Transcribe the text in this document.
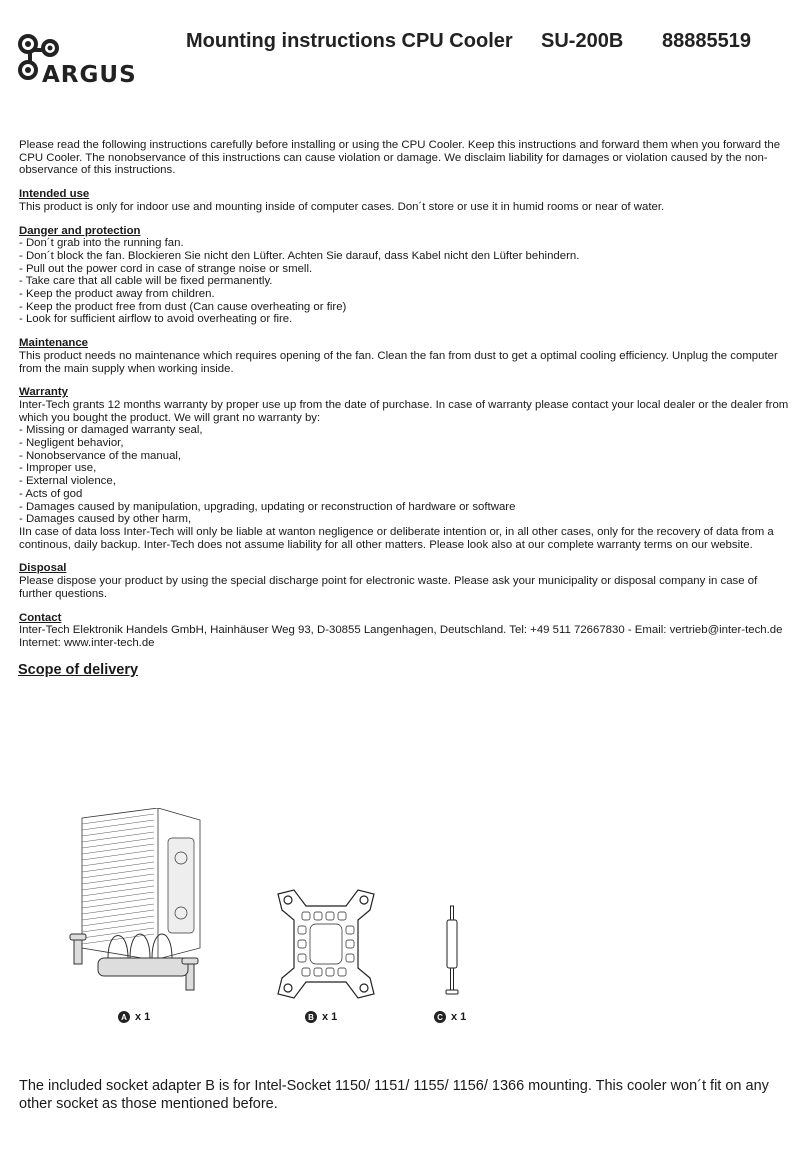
ARGUS
Mounting instructions CPU Cooler SU-200B 88885519

Please read the following instructions carefully before installing or using the CPU Cooler. Keep this instructions and forward them when you forward the CPU Cooler. The nonobservance of this instructions can cause violation or damage. We disclaim liability for damages or violation caused by the non-observance of this instructions.

Intended use

This product is only for indoor use and mounting inside of computer cases. Don´t store or use it in humid rooms or near of water.

Danger and protection
- Don´t grab into the running fan.
- Don´t block the fan. Blockieren Sie nicht den Lüfter. Achten Sie darauf, dass Kabel nicht den Lüfter behindern.
- Pull out the power cord in case of strange noise or smell.
- Take care that all cable will be fixed permanently.
- Keep the product away from children.
- Keep the product free from dust (Can cause overheating or fire)
- Look for sufficient airflow to avoid overheating or fire.
Maintenance

This product needs no maintenance which requires opening of the fan. Clean the fan from dust to get a optimal cooling efficiency. Unplug the computer from the main supply when working inside.

Warranty

Inter-Tech grants 12 months warranty by proper use up from the date of purchase. In case of warranty please contact your local dealer or the dealer from which you bought the product. We will grant no warranty by:

- Missing or damaged warranty seal,
- Negligent behavior,
- Nonobservance of the manual,
- Improper use,
- External violence,
- Acts of god
- Damages caused by manipulation, upgrading, updating or reconstruction of hardware or software
- Damages caused by other harm,

IIn case of data loss Inter-Tech will only be liable at wanton negligence or deliberate intention or, in all other cases, only for the recovery of data from a continous, daily backup. Inter-Tech does not assume liability for all other matters. Please look also at our complete warranty terms on our website.

Disposal

Please dispose your product by using the special discharge point for electronic waste. Please ask your municipality or disposal company in case of further questions.

Contact

Inter-Tech Elektronik Handels GmbH, Hainhäuser Weg 93, D-30855 Langenhagen, Deutschland. Tel: +49 511 72667830 - Email: vertrieb@inter-tech.de

Internet: www.inter-tech.de

Scope of delivery
A x 1	B x 1	C x 1
The included socket adapter B is for Intel-Socket 1150/ 1151/ 1155/ 1156/ 1366 mounting. This cooler won´t fit on any other socket as those mentioned before.
